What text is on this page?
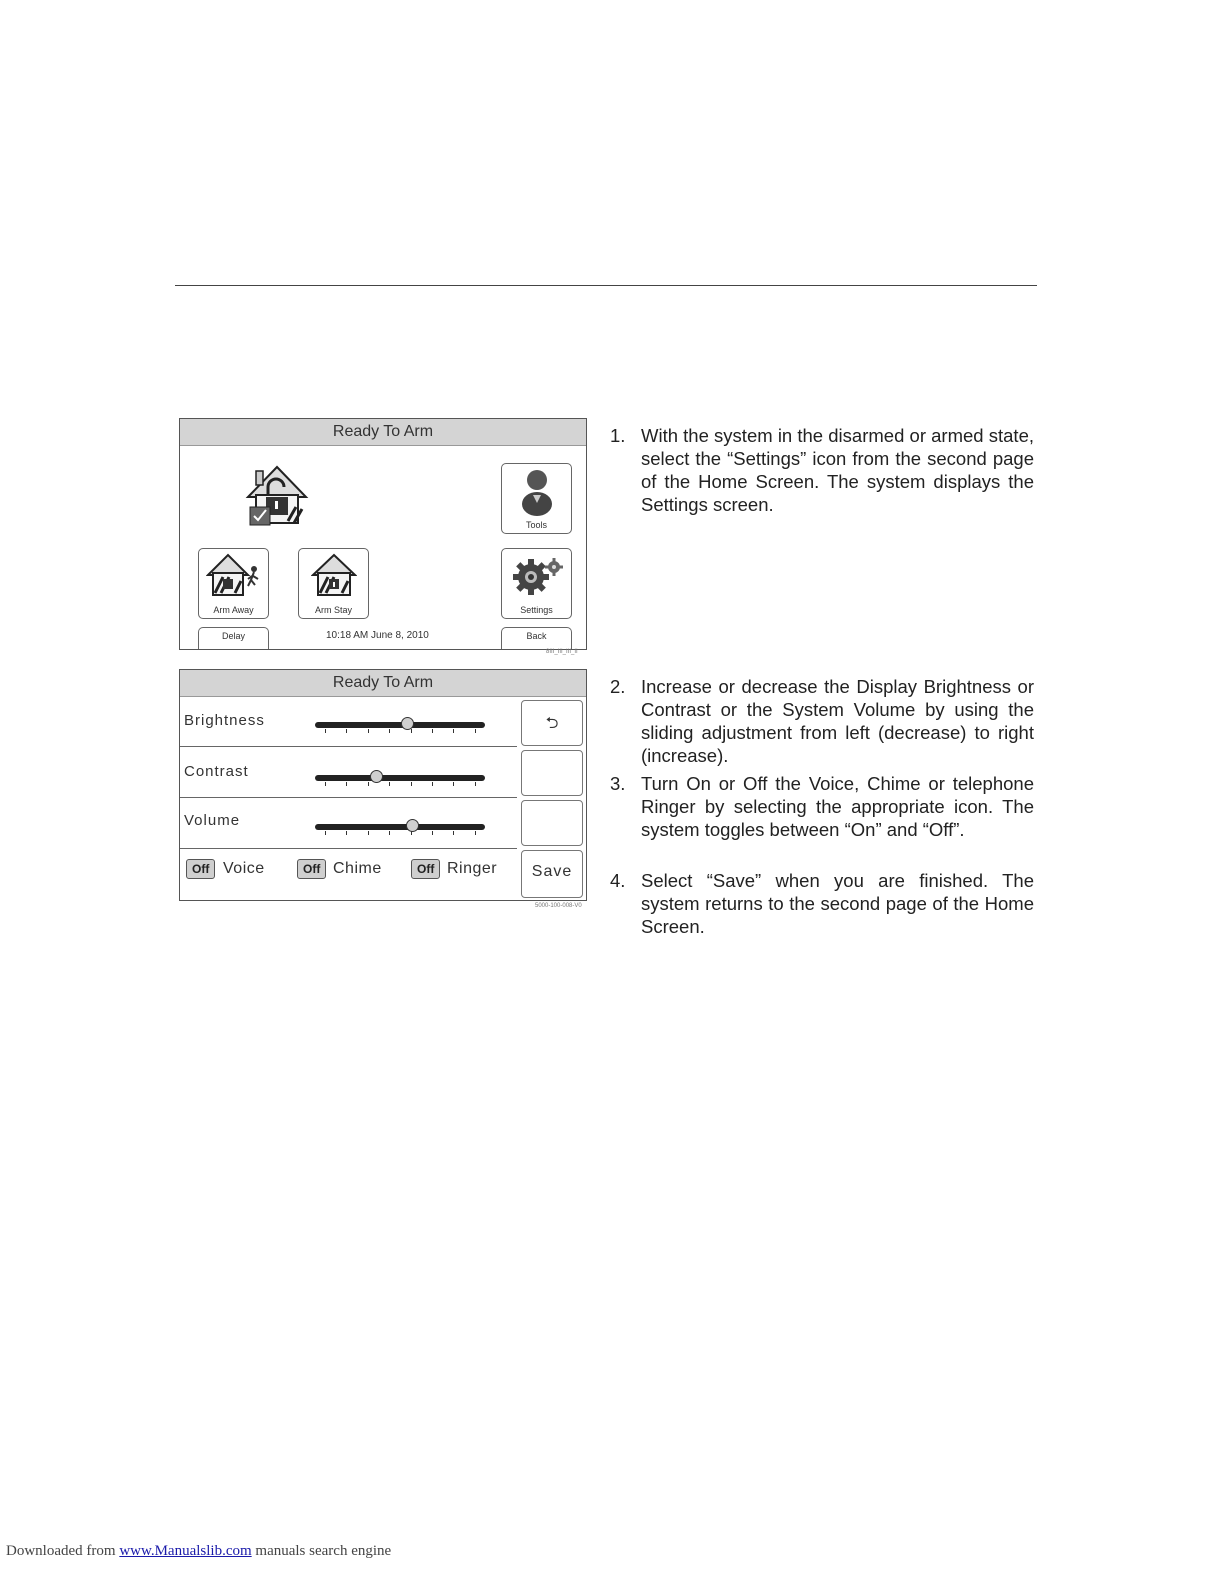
Ready To Arm
Tools
Arm Away	Arm Stay	Settings
Delay	10:18 AM June 8, 2010	Back
8III_III_III_II
Ready To Arm
Brightness
Contrast
Volume
⮌
Off Voice	Off Chime	Off Ringer	Save
5000-100-008-V0
1. With the system in the disarmed or armed state, select the “Settings” icon from the second page of the Home Screen. The system displays the Settings screen.
2. Increase or decrease the Display Brightness or Contrast or the System Volume by using the sliding adjustment from left (decrease) to right (increase).
3. Turn On or Off the Voice, Chime or telephone Ringer by selecting the appropriate icon. The system toggles between “On” and “Off”.
4. Select “Save” when you are finished. The system returns to the second page of the Home Screen.
Downloaded from www.Manualslib.com manuals search engine
